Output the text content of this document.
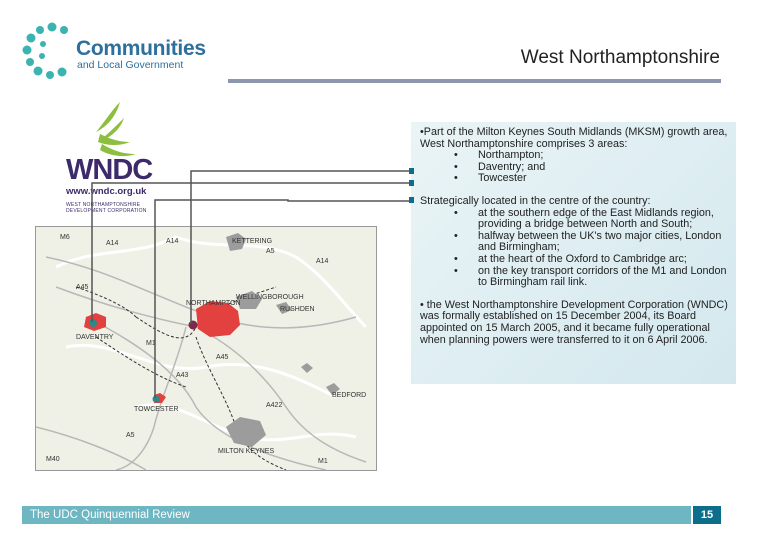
Communities
and Local Government	West Northamptonshire
WNDC
www.wndc.org.uk
WEST NORTHAMPTONSHIRE
DEVELOPMENT CORPORATION
M6
A14	A14	KETTERING
A5
A14
A45
NORTHAMPTON
WELLINGBOROUGH
RUSHDEN
DAVENTRY
M1
A45
A43
TOWCESTER
A5
BEDFORD
MILTON KEYNES
A422
M1
M40

•Part of the Milton Keynes South Midlands (MKSM) growth area, West Northamptonshire comprises 3 areas:

• Northampton;
• Daventry; and
• Towcester

Strategically located in the centre of the country:

• at the southern edge of the East Midlands region, providing a bridge between North and South;
• halfway between the UK's two major cities, London and Birmingham;
• at the heart of the Oxford to Cambridge arc;
• on the key transport corridors of the M1 and London to Birmingham rail link.

• the West Northamptonshire Development Corporation (WNDC) was formally established on 15 December 2004, its Board appointed on 15 March 2005, and it became fully operational when planning powers were transferred to it on 6 April 2006.

The UDC Quinquennial Review	15
